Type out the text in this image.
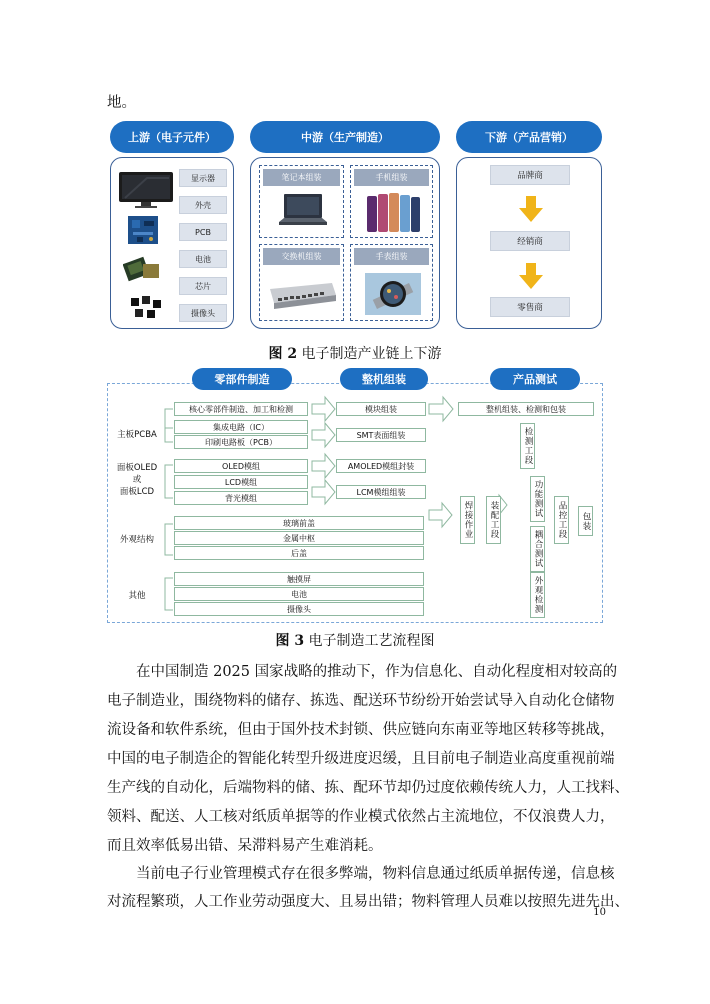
地。
上游（电子元件）	中游（生产制造）	下游（产品营销）
显示器
外壳
PCB
电池
芯片
摄像头
笔记本组装	手机组装
交换机组装	手表组装
品牌商
经销商
零售商
图 2 电子制造产业链上下游
零部件制造	整机组装	产品测试
主板PCBA
面板OLED
或
面板LCD
外观结构
其他
核心零部件制造、加工和检测
集成电路（IC）
印刷电路板（PCB）
OLED模组
LCD模组
背光模组
玻璃前盖
金属中枢
后盖
触摸屏
电池
摄像头
模块组装
SMT表面组装
AMOLED模组封装
LCM模组组装
焊接作业	装配工段
整机组装、检测和包装
检测工段
功能测试
耦合测试
外观检测
品控工段	包装
图 3 电子制造工艺流程图
在中国制造 2025 国家战略的推动下，作为信息化、自动化程度相对较高的
电子制造业，围绕物料的储存、拣选、配送环节纷纷开始尝试导入自动化仓储物
流设备和软件系统，但由于国外技术封锁、供应链向东南亚等地区转移等挑战，
中国的电子制造企的智能化转型升级进度迟缓，且目前电子制造业高度重视前端
生产线的自动化，后端物料的储、拣、配环节却仍过度依赖传统人力，人工找料、
领料、配送、人工核对纸质单据等的作业模式依然占主流地位，不仅浪费人力，
而且效率低易出错、呆滞料易产生难消耗。
当前电子行业管理模式存在很多弊端，物料信息通过纸质单据传递，信息核
对流程繁琐，人工作业劳动强度大、且易出错；物料管理人员难以按照先进先出、
10
